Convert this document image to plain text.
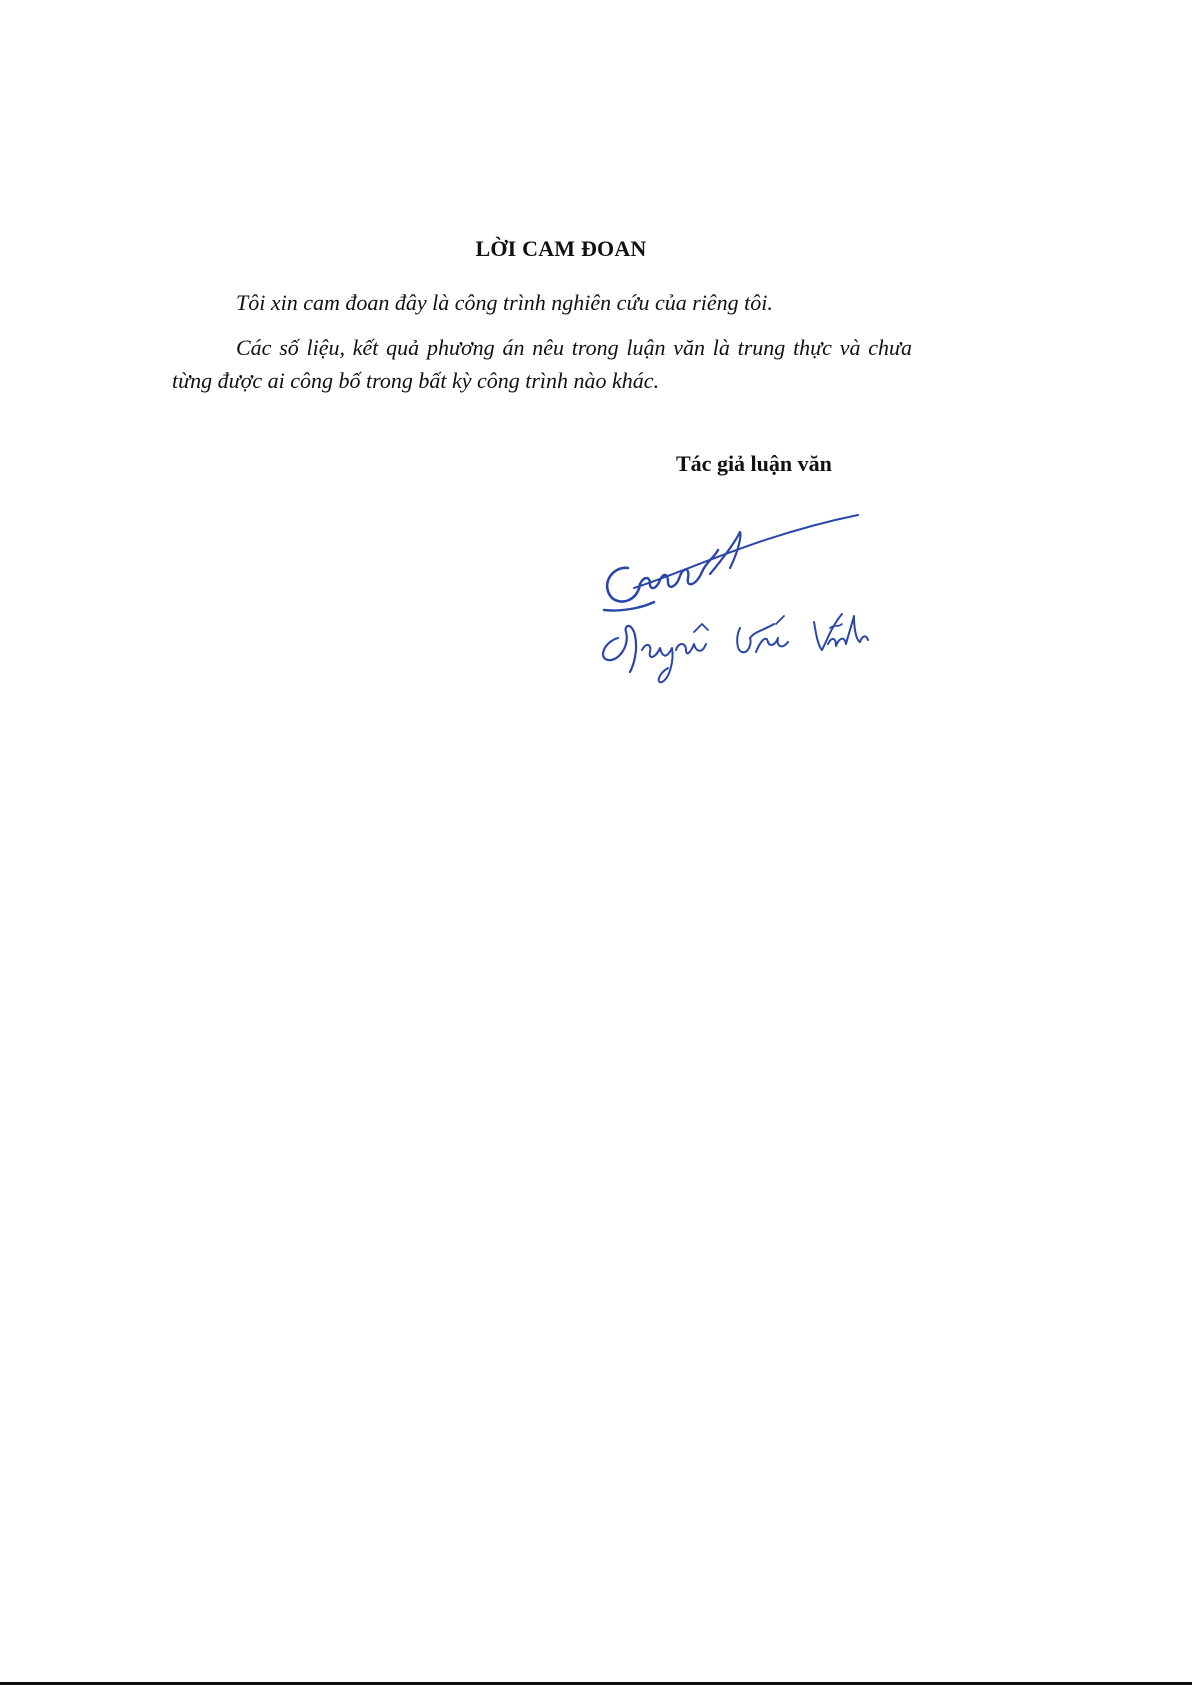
LỜI CAM ĐOAN
Tôi xin cam đoan đây là công trình nghiên cứu của riêng tôi.
Các số liệu, kết quả phương án nêu trong luận văn là trung thực và chưa từng được ai công bố trong bất kỳ công trình nào khác.
Tác giả luận văn
